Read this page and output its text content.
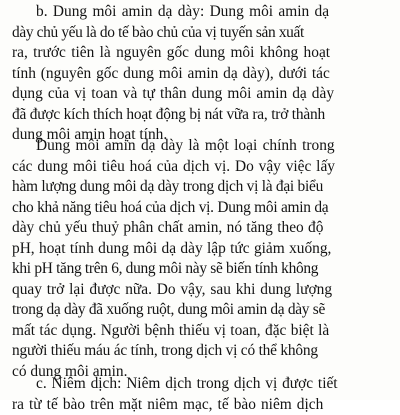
b. Dung môi amin dạ dày: Dung môi amin dạ
dày chủ yếu là do tế bào chủ của vị tuyến sản xuất
ra, trước tiên là nguyên gốc dung môi không hoạt
tính (nguyên gốc dung môi amin dạ dày), dưới tác
dụng của vị toan và tự thân dung môi amin dạ dày
đã được kích thích hoạt động bị nát vữa ra, trở thành
dung môi amin hoạt tính.
Dung môi amin dạ dày là một loại chính trong
các dung môi tiêu hoá của dịch vị. Do vậy việc lấy
hàm lượng dung môi dạ dày trong dịch vị là đại biểu
cho khả năng tiêu hoá của dịch vị. Dung môi amin dạ
dày chủ yếu thuỷ phân chất amin, nó tăng theo độ
pH, hoạt tính dung môi dạ dày lập tức giảm xuống,
khi pH tăng trên 6, dung môi này sẽ biến tính không
quay trở lại được nữa. Do vậy, sau khi dung lượng
trong dạ dày đã xuống ruột, dung môi amin dạ dày sẽ
mất tác dụng. Người bệnh thiếu vị toan, đặc biệt là
người thiếu máu ác tính, trong dịch vị có thể không
có dung môi amin.
c. Niêm dịch: Niêm dịch trong dịch vị được tiết
ra từ tế bào trên mặt niêm mạc, tế bào niêm dịch
